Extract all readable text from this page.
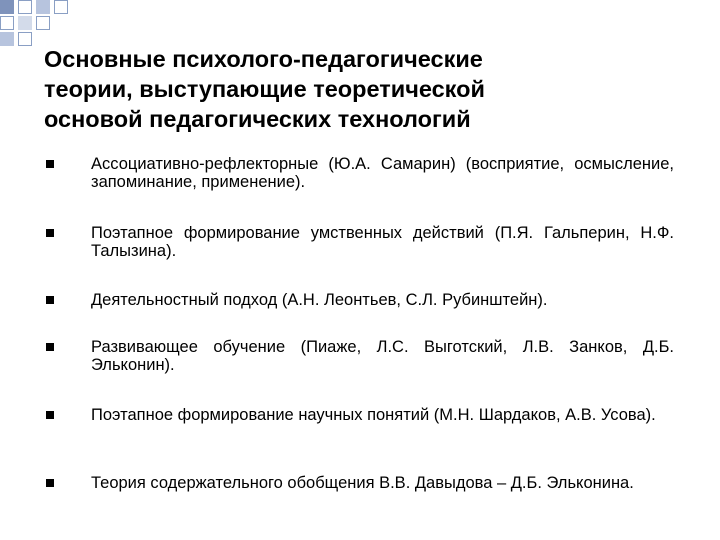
Основные психолого-педагогические
теории, выступающие теоретической
основой педагогических технологий
Ассоциативно-рефлекторные (Ю.А. Самарин) (восприятие, осмысление, запоминание, применение).
Поэтапное формирование умственных действий (П.Я. Гальперин, Н.Ф. Талызина).
Деятельностный подход (А.Н. Леонтьев, С.Л. Рубинштейн).
Развивающее обучение (Пиаже, Л.С. Выготский, Л.В. Занков, Д.Б. Эльконин).
Поэтапное формирование научных понятий (М.Н. Шардаков, А.В. Усова).
Теория содержательного обобщения В.В. Давыдова – Д.Б. Эльконина.
